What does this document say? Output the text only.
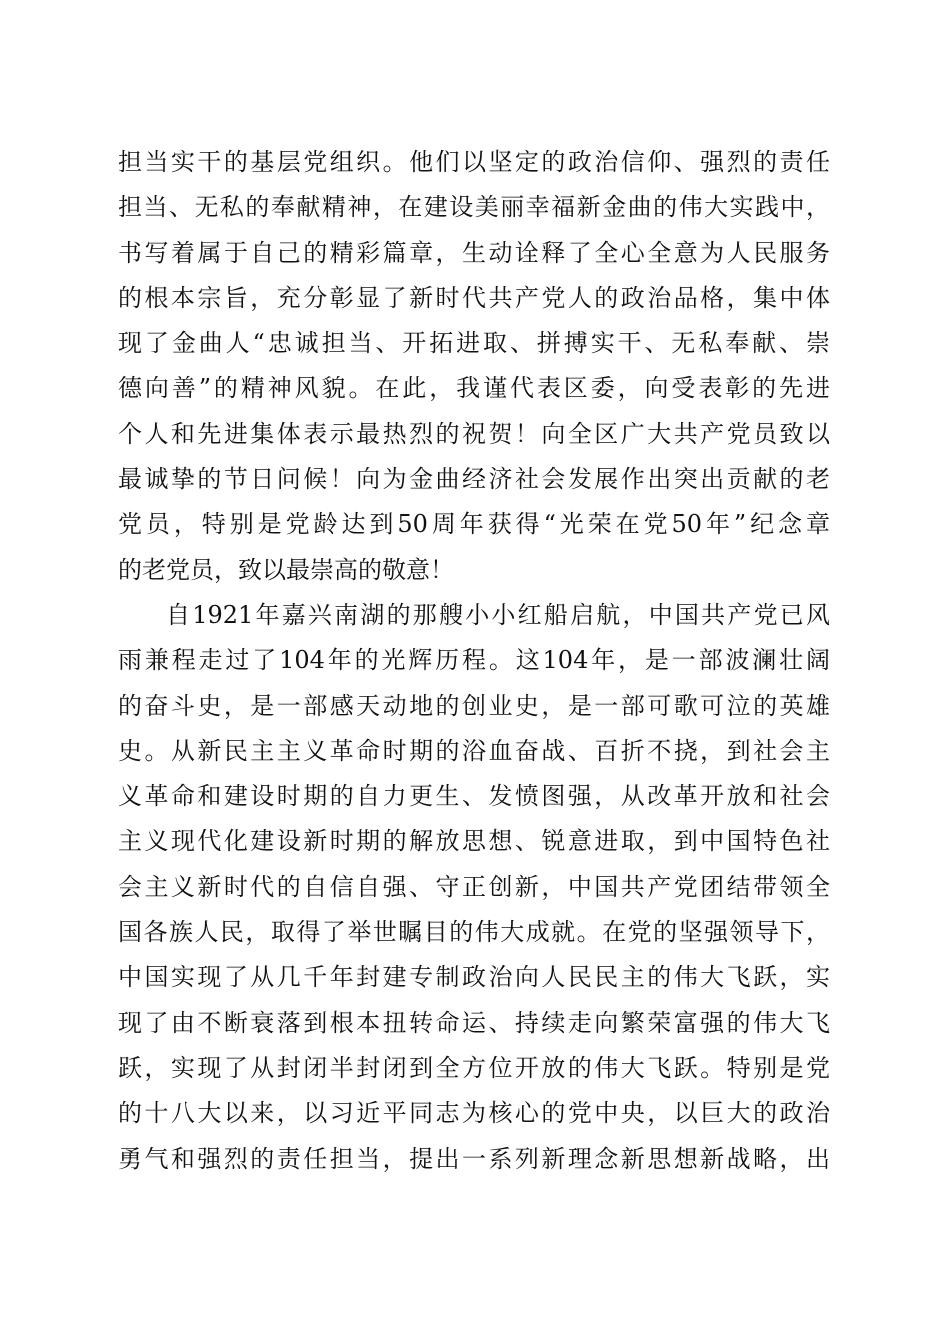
担当实干的基层党组织。他们以坚定的政治信仰、强烈的责任
担当、无私的奉献精神，在建设美丽幸福新金曲的伟大实践中，
书写着属于自己的精彩篇章，生动诠释了全心全意为人民服务
的根本宗旨，充分彰显了新时代共产党人的政治品格，集中体
现了金曲人“忠诚担当、开拓进取、拼搏实干、无私奉献、崇
德向善”的精神风貌。在此，我谨代表区委，向受表彰的先进
个人和先进集体表示最热烈的祝贺！向全区广大共产党员致以
最诚挚的节日问候！向为金曲经济社会发展作出突出贡献的老
党员，特别是党龄达到50周年获得“光荣在党50年”纪念章
的老党员，致以最崇高的敬意！
自1921年嘉兴南湖的那艘小小红船启航，中国共产党已风
雨兼程走过了104年的光辉历程。这104年，是一部波澜壮阔
的奋斗史，是一部感天动地的创业史，是一部可歌可泣的英雄
史。从新民主主义革命时期的浴血奋战、百折不挠，到社会主
义革命和建设时期的自力更生、发愤图强，从改革开放和社会
主义现代化建设新时期的解放思想、锐意进取，到中国特色社
会主义新时代的自信自强、守正创新，中国共产党团结带领全
国各族人民，取得了举世瞩目的伟大成就。在党的坚强领导下，
中国实现了从几千年封建专制政治向人民民主的伟大飞跃，实
现了由不断衰落到根本扭转命运、持续走向繁荣富强的伟大飞
跃，实现了从封闭半封闭到全方位开放的伟大飞跃。特别是党
的十八大以来，以习近平同志为核心的党中央，以巨大的政治
勇气和强烈的责任担当，提出一系列新理念新思想新战略，出
